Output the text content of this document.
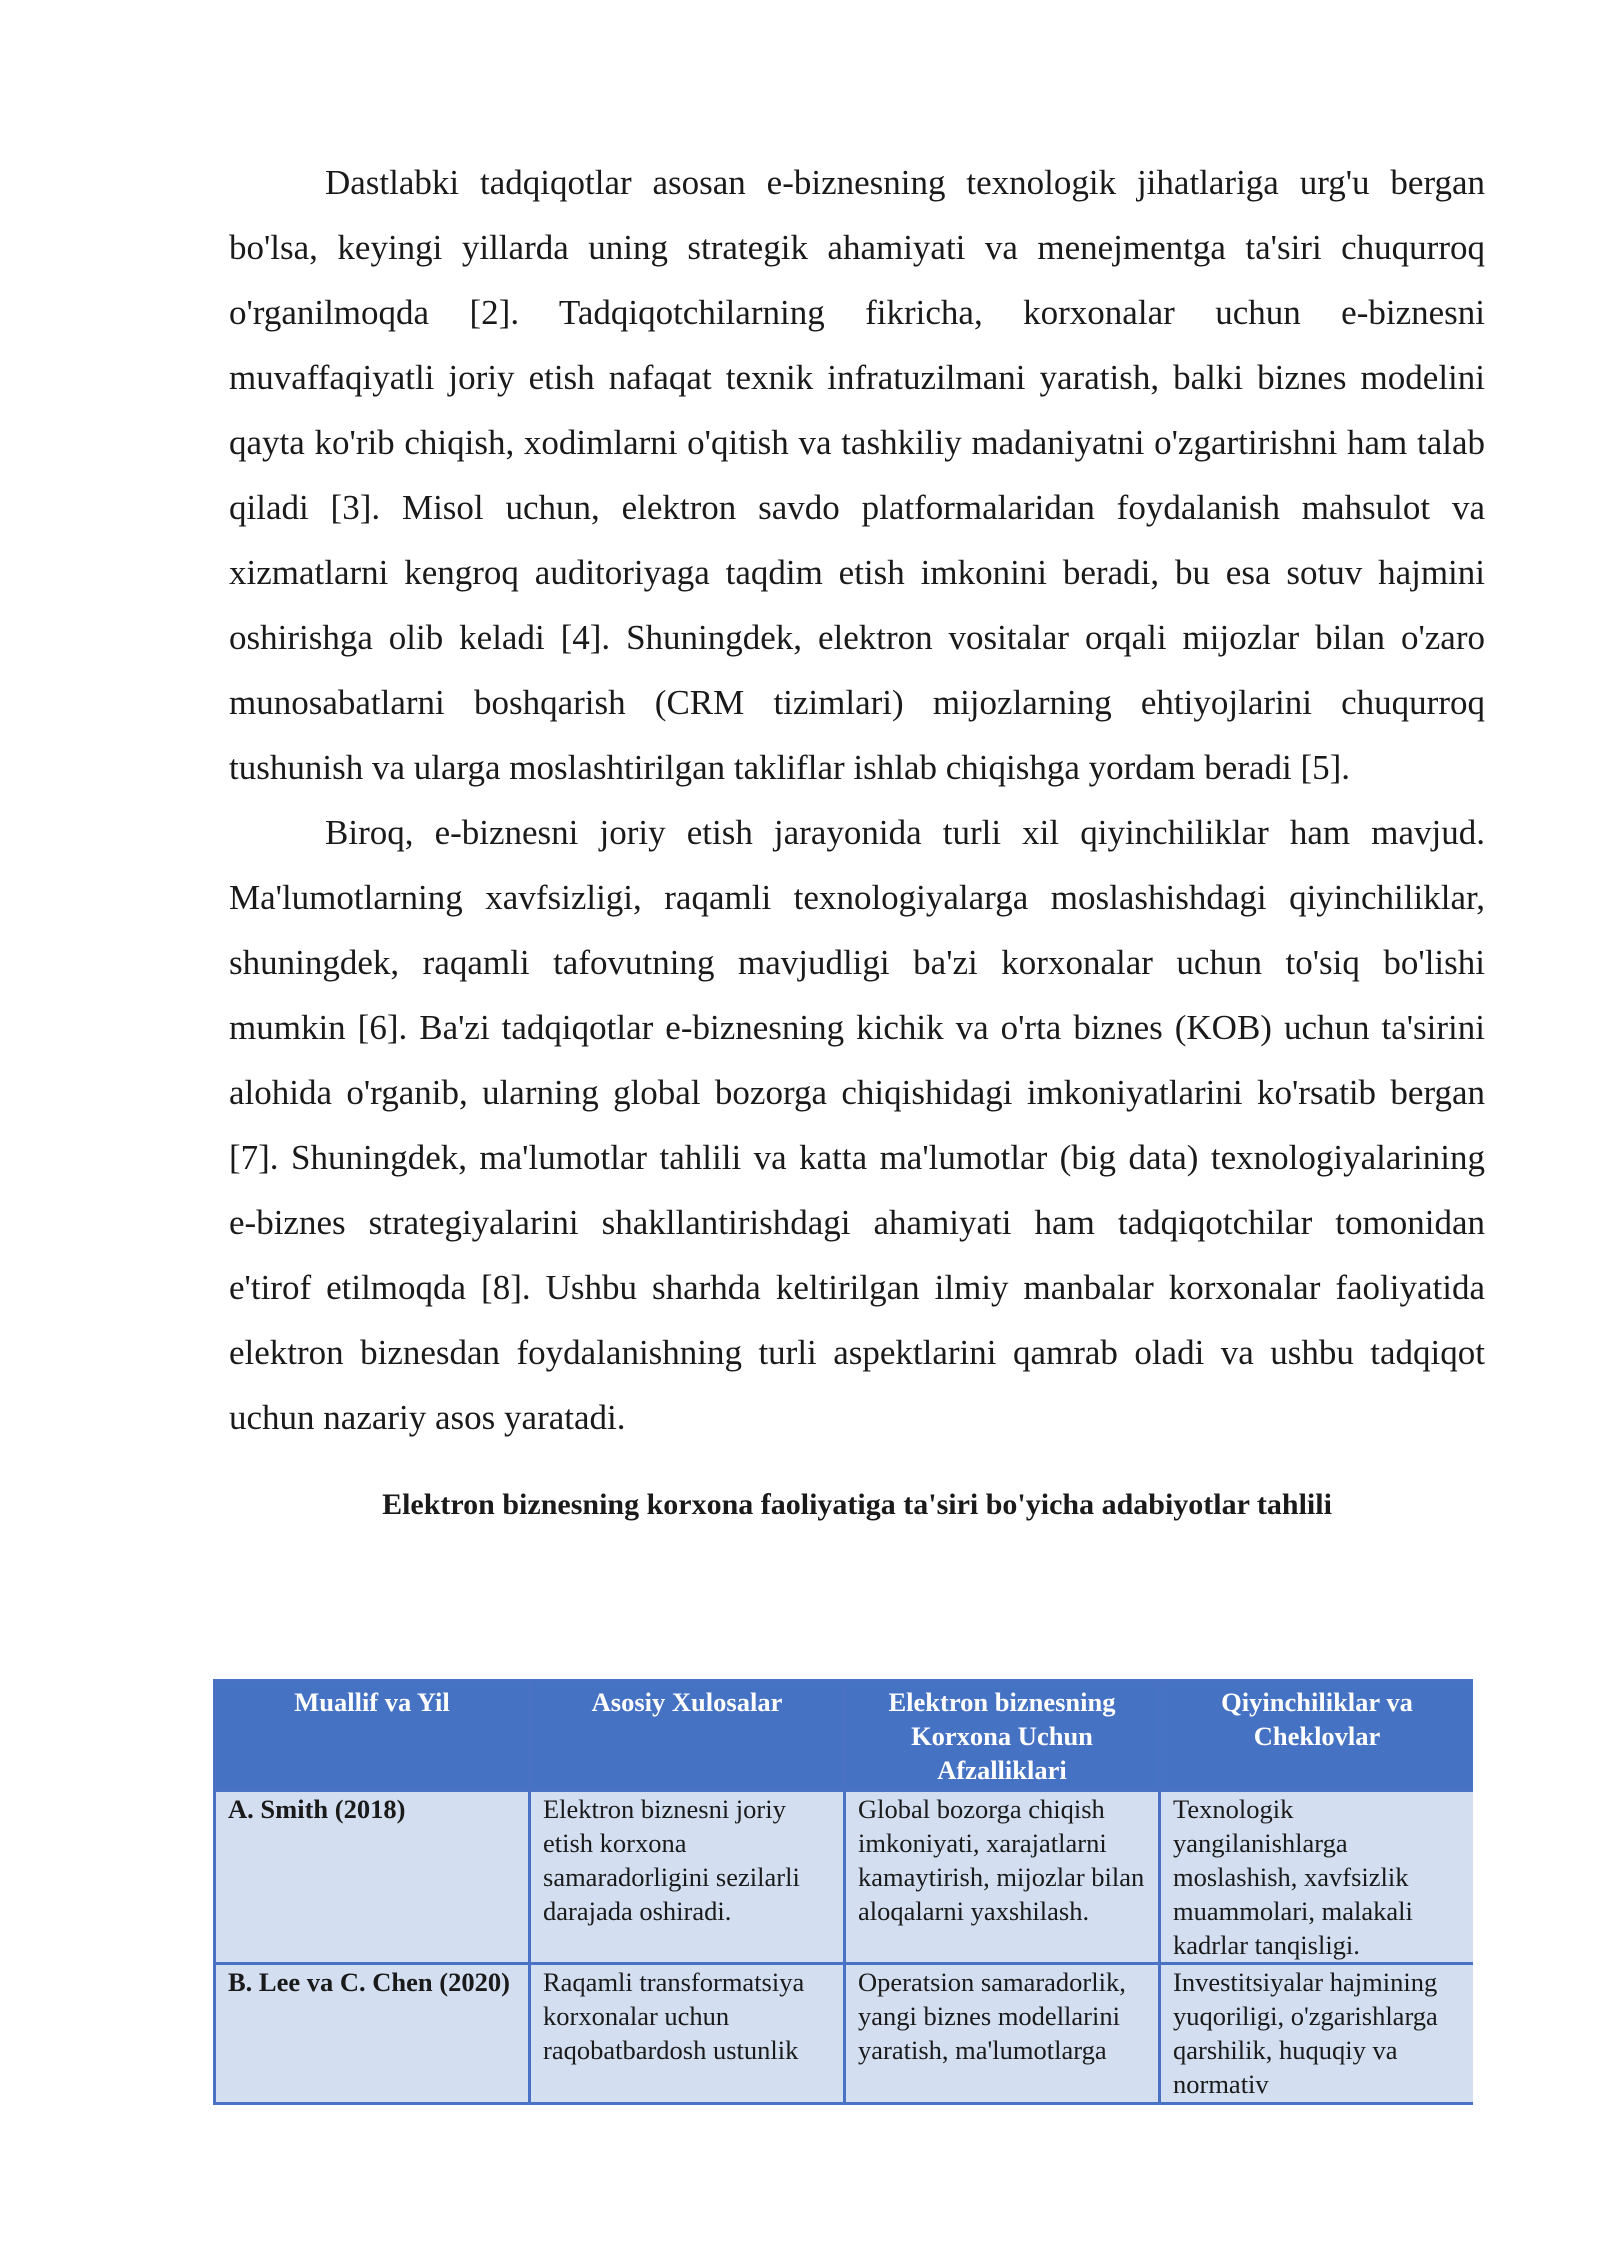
Dastlabki tadqiqotlar asosan e-biznesning texnologik jihatlariga urg'u bergan bo'lsa, keyingi yillarda uning strategik ahamiyati va menejmentga ta'siri chuqurroq o'rganilmoqda [2]. Tadqiqotchilarning fikricha, korxonalar uchun e-biznesni muvaffaqiyatli joriy etish nafaqat texnik infratuzilmani yaratish, balki biznes modelini qayta ko'rib chiqish, xodimlarni o'qitish va tashkiliy madaniyatni o'zgartirishni ham talab qiladi [3]. Misol uchun, elektron savdo platformalaridan foydalanish mahsulot va xizmatlarni kengroq auditoriyaga taqdim etish imkonini beradi, bu esa sotuv hajmini oshirishga olib keladi [4]. Shuningdek, elektron vositalar orqali mijozlar bilan o'zaro munosabatlarni boshqarish (CRM tizimlari) mijozlarning ehtiyojlarini chuqurroq tushunish va ularga moslashtirilgan takliflar ishlab chiqishga yordam beradi [5].

Biroq, e-biznesni joriy etish jarayonida turli xil qiyinchiliklar ham mavjud. Ma'lumotlarning xavfsizligi, raqamli texnologiyalarga moslashishdagi qiyinchiliklar, shuningdek, raqamli tafovutning mavjudligi ba'zi korxonalar uchun to'siq bo'lishi mumkin [6]. Ba'zi tadqiqotlar e-biznesning kichik va o'rta biznes (KOB) uchun ta'sirini alohida o'rganib, ularning global bozorga chiqishidagi imkoniyatlarini ko'rsatib bergan [7]. Shuningdek, ma'lumotlar tahlili va katta ma'lumotlar (big data) texnologiyalarining e-biznes strategiyalarini shakllantirishdagi ahamiyati ham tadqiqotchilar tomonidan e'tirof etilmoqda [8]. Ushbu sharhda keltirilgan ilmiy manbalar korxonalar faoliyatida elektron biznesdan foydalanishning turli aspektlarini qamrab oladi va ushbu tadqiqot uchun nazariy asos yaratadi.

Elektron biznesning korxona faoliyatiga ta'siri bo'yicha adabiyotlar tahlili

Muallif va Yil	Asosiy Xulosalar	Elektron biznesning Korxona Uchun Afzalliklari	Qiyinchiliklar va Cheklovlar
A. Smith (2018)	Elektron biznesni joriy etish korxona samaradorligini sezilarli darajada oshiradi.	Global bozorga chiqish imkoniyati, xarajatlarni kamaytirish, mijozlar bilan aloqalarni yaxshilash.	Texnologik yangilanishlarga moslashish, xavfsizlik muammolari, malakali kadrlar tanqisligi.
B. Lee va C. Chen (2020)	Raqamli transformatsiya korxonalar uchun raqobatbardosh ustunlik	Operatsion samaradorlik, yangi biznes modellarini yaratish, ma'lumotlarga	Investitsiyalar hajmining yuqoriligi, o'zgarishlarga qarshilik, huquqiy va normativ
